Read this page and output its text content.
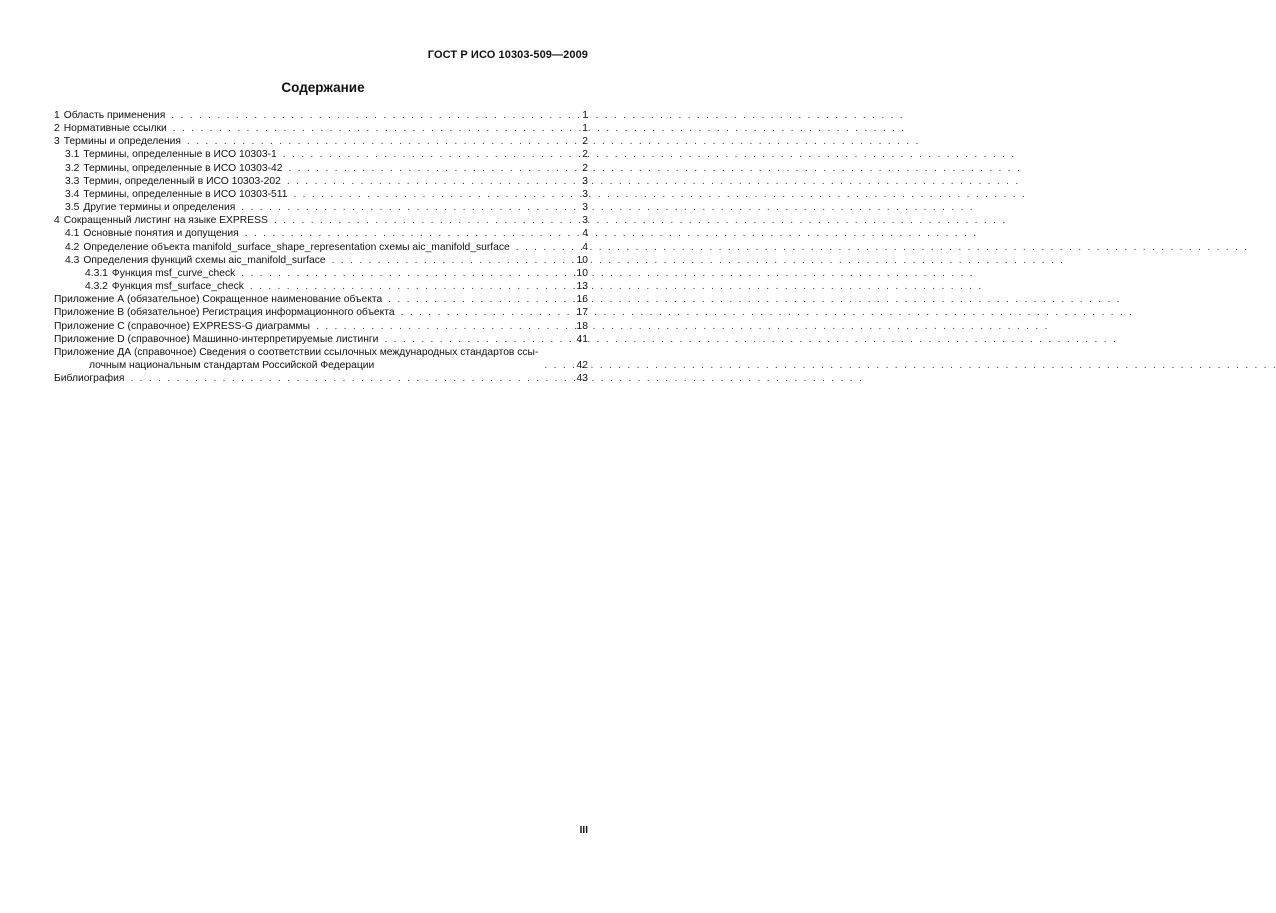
ГОСТ Р ИСО 10303-509—2009
Содержание
1 Область применения . . .	1
2 Нормативные ссылки . . .	1
3 Термины и определения . . .	2
3.1 Термины, определенные в ИСО 10303-1 . . .	2
3.2 Термины, определенные в ИСО 10303-42 . . .	2
3.3 Термин, определенный в ИСО 10303-202 . . .	3
3.4 Термины, определенные в ИСО 10303-511 . . .	3
3.5 Другие термины и определения . . .	3
4 Сокращенный листинг на языке EXPRESS . . .	3
4.1 Основные понятия и допущения . . .	4
4.2 Определение объекта manifold_surface_shape_representation схемы aic_manifold_surface . . .	4
4.3 Определения функций схемы aic_manifold_surface . . .	10
4.3.1 Функция msf_curve_check . . .	10
4.3.2 Функция msf_surface_check . . .	13
Приложение А (обязательное) Сокращенное наименование объекта . . .	16
Приложение В (обязательное) Регистрация информационного объекта . . .	17
Приложение С (справочное) EXPRESS-G диаграммы . . .	18
Приложение D (справочное) Машинно-интерпретируемые листинги . . .	41
Приложение ДА (справочное) Сведения о соответствии ссылочных международных стандартов ссы-
лочным национальным стандартам Российской Федерации . . .	42
Библиография . . .	43
III
